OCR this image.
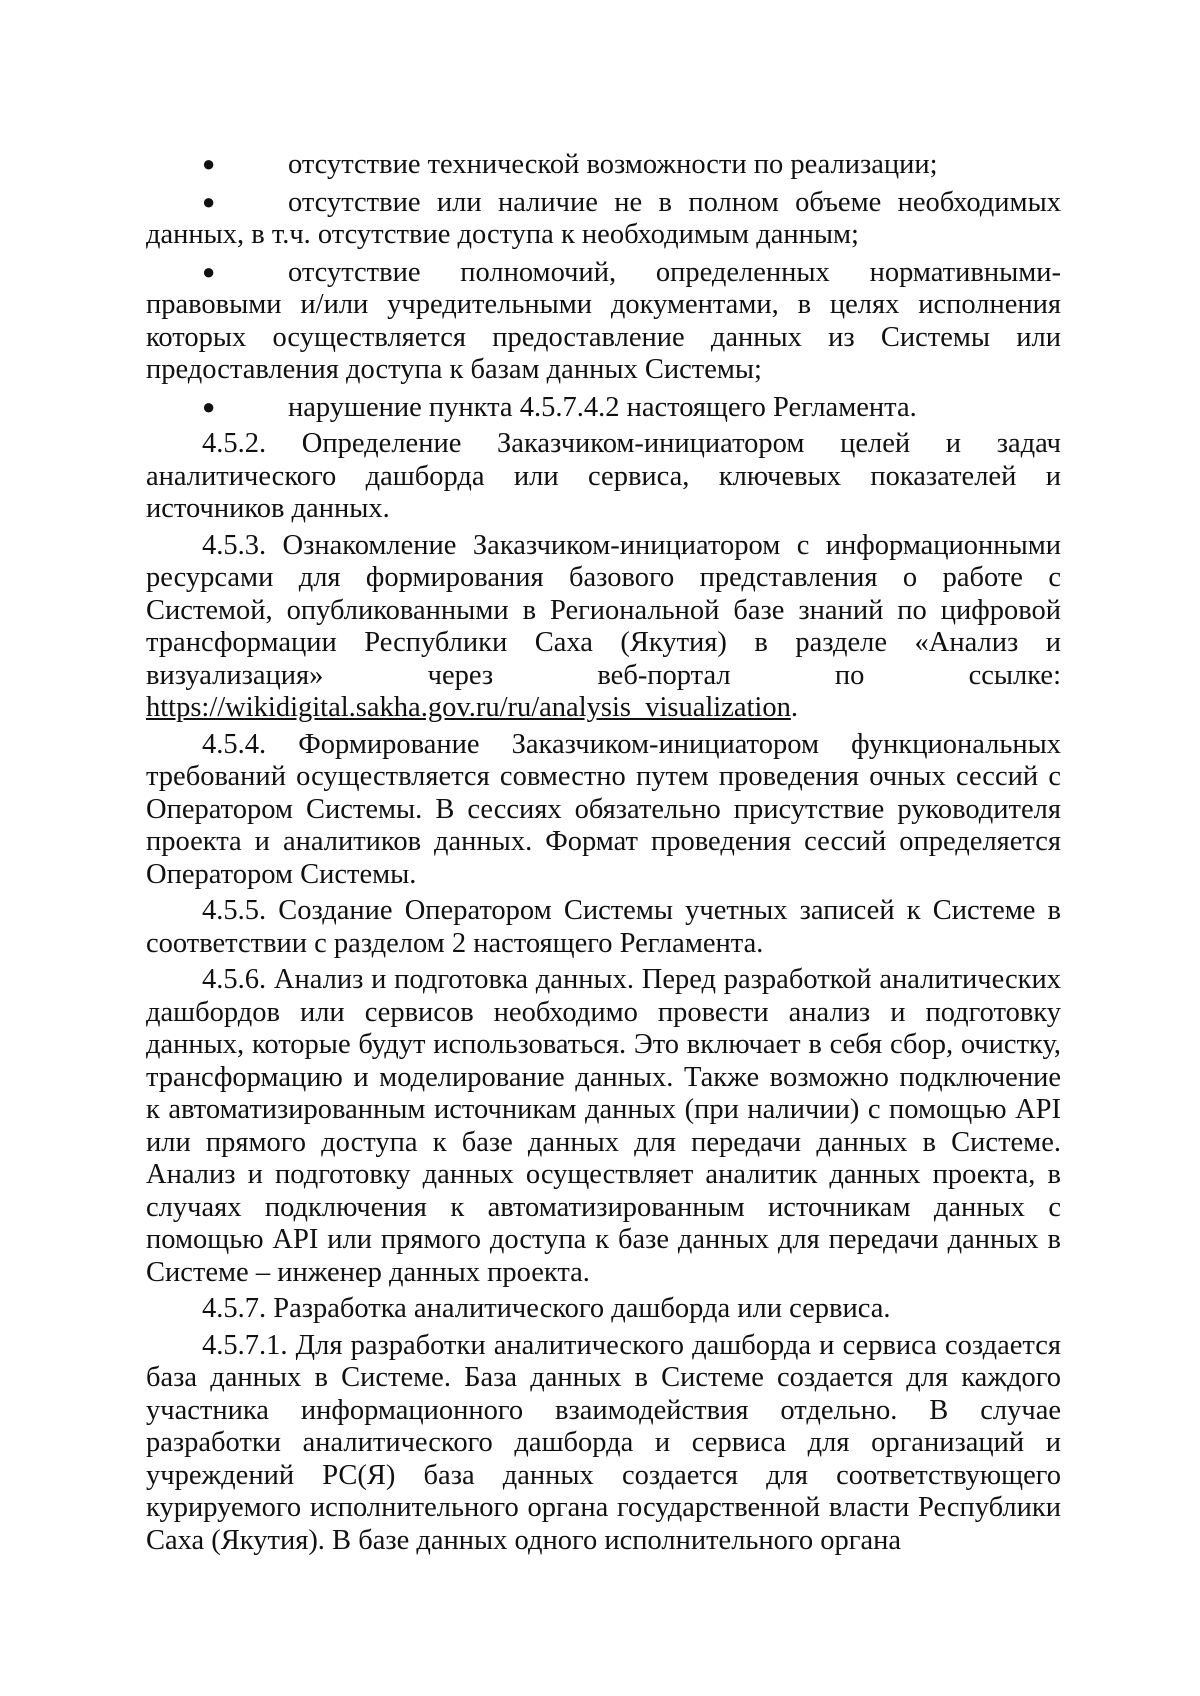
●отсутствие технической возможности по реализации;

●отсутствие или наличие не в полном объеме необходимых данных, в т.ч. отсутствие доступа к необходимым данным;

●отсутствие полномочий, определенных нормативными-правовыми и/или учредительными документами, в целях исполнения которых осуществляется предоставление данных из Системы или предоставления доступа к базам данных Системы;

●нарушение пункта 4.5.7.4.2 настоящего Регламента.

4.5.2. Определение Заказчиком-инициатором целей и задач аналитического дашборда или сервиса, ключевых показателей и источников данных.

4.5.3. Ознакомление Заказчиком-инициатором с информационными ресурсами для формирования базового представления о работе с Системой, опубликованными в Региональной базе знаний по цифровой трансформации Республики Саха (Якутия) в разделе «Анализ и визуализация» через веб-портал по ссылке: https://wikidigital.sakha.gov.ru/ru/analysis_visualization.

4.5.4. Формирование Заказчиком-инициатором функциональных требований осуществляется совместно путем проведения очных сессий с Оператором Системы. В сессиях обязательно присутствие руководителя проекта и аналитиков данных. Формат проведения сессий определяется Оператором Системы.

4.5.5. Создание Оператором Системы учетных записей к Системе в соответствии с разделом 2 настоящего Регламента.

4.5.6. Анализ и подготовка данных. Перед разработкой аналитических дашбордов или сервисов необходимо провести анализ и подготовку данных, которые будут использоваться. Это включает в себя сбор, очистку, трансформацию и моделирование данных. Также возможно подключение к автоматизированным источникам данных (при наличии) с помощью API или прямого доступа к базе данных для передачи данных в Системе. Анализ и подготовку данных осуществляет аналитик данных проекта, в случаях подключения к автоматизированным источникам данных с помощью API или прямого доступа к базе данных для передачи данных в Системе – инженер данных проекта.

4.5.7. Разработка аналитического дашборда или сервиса.

4.5.7.1. Для разработки аналитического дашборда и сервиса создается база данных в Системе. База данных в Системе создается для каждого участника информационного взаимодействия отдельно. В случае разработки аналитического дашборда и сервиса для организаций и учреждений РС(Я) база данных создается для соответствующего курируемого исполнительного органа государственной власти Республики Саха (Якутия). В базе данных одного исполнительного органа
